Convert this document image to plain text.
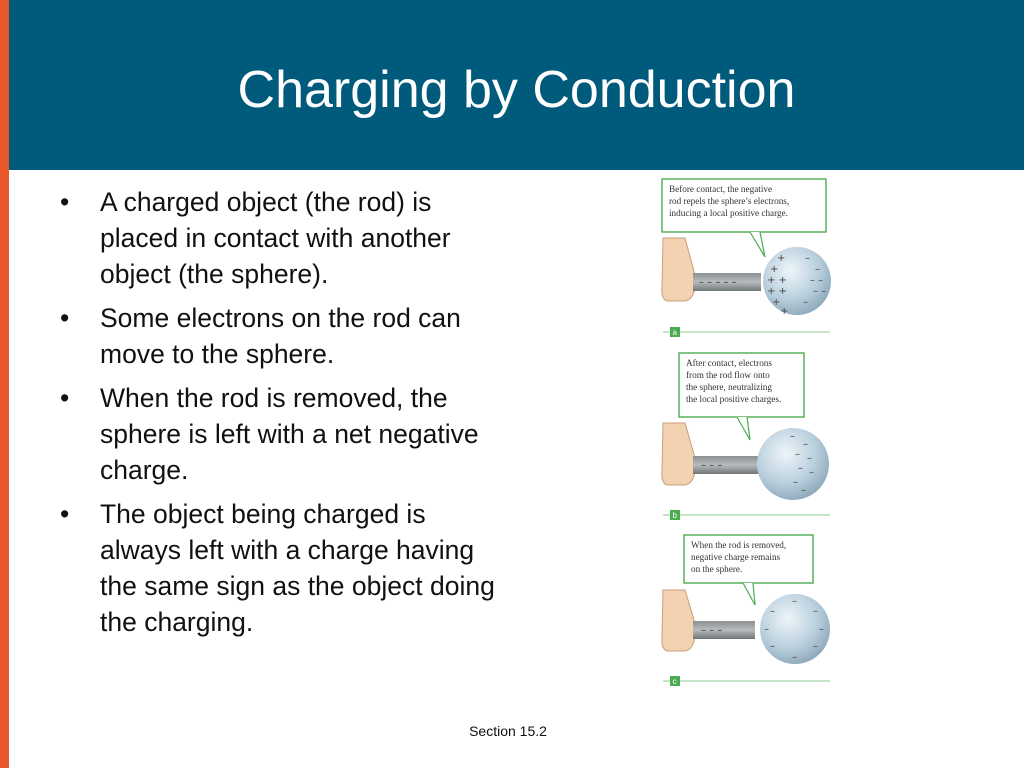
Charging by Conduction
• A charged object (the rod) is placed in contact with another object (the sphere).
• Some electrons on the rod can move to the sphere.
• When the rod is removed, the sphere is left with a net negative charge.
• The object being charged is always left with a charge having the same sign as the object doing the charging.
Before contact, the negative rod repels the sphere’s electrons, inducing a local positive charge.
– – – – –
+ – +	– + + – – + +	– – + – +
a
After contact, electrons from the rod flow onto the sphere, neutralizing the local positive charges.
– – –
–– – – – – ––
b
When the rod is removed, negative charge remains on the sphere.
– – –
– –	– –	– –	– –
c
Section 15.2
